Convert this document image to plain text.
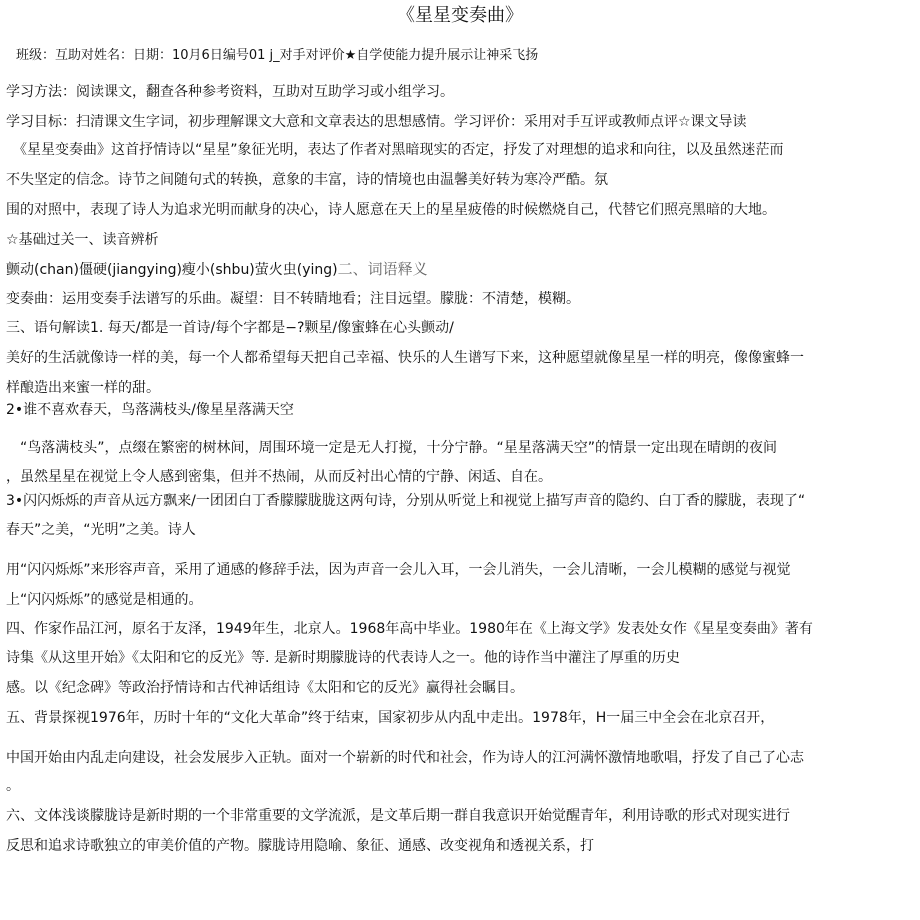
《星星变奏曲》
班级：互助对姓名：日期：10月6日编号01 j_对手对评价★自学使能力提升展示让神采飞扬
学习方法：阅读课文，翻查各种参考资料，互助对互助学习或小组学习。
学习目标：扫清课文生字词，初步理解课文大意和文章表达的思想感情。学习评价：采用对手互评或教师点评☆课文导读
　《星星变奏曲》这首抒情诗以“星星”象征光明，表达了作者对黑暗现实的否定，抒发了对理想的追求和向往，以及虽然迷茫而
不失坚定的信念。诗节之间随句式的转换，意象的丰富，诗的情境也由温馨美好转为寒冷严酷。氛
围的对照中，表现了诗人为追求光明而献身的决心，诗人愿意在天上的星星疲倦的时候燃烧自己，代替它们照亮黑暗的大地。
☆基础过关一、读音辨析
颤动(chan)僵硬(jiangying)瘦小(shbu)萤火虫(ying)二、词语释义
变奏曲：运用变奏手法谱写的乐曲。凝望：目不转睛地看；注目远望。朦胧：不清楚，模糊。
三、语句解读1. 每天/都是一首诗/每个字都是−?颗星/像蜜蜂在心头颤动/
美好的生活就像诗一样的美，每一个人都希望每天把自己幸福、快乐的人生谱写下来，这种愿望就像星星一样的明亮，像像蜜蜂一
样酿造出来蜜一样的甜。
2•谁不喜欢春天，鸟落满枝头/像星星落满天空
　“鸟落满枝头”，点缀在繁密的树林间，周围环境一定是无人打搅，十分宁静。“星星落满天空”的情景一定出现在晴朗的夜间
，虽然星星在视觉上令人感到密集，但并不热闹，从而反衬出心情的宁静、闲适、自在。
3•闪闪烁烁的声音从远方飘来/一团团白丁香朦朦胧胧这两句诗，分别从听觉上和视觉上描写声音的隐约、白丁香的朦胧，表现了“
春天”之美，“光明”之美。诗人
用“闪闪烁烁”来形容声音，采用了通感的修辞手法，因为声音一会儿入耳，一会儿消失，一会儿清晰，一会儿模糊的感觉与视觉
上“闪闪烁烁”的感觉是相通的。
四、作家作品江河，原名于友泽，1949年生，北京人。1968年高中毕业。1980年在《上海文学》发表处女作《星星变奏曲》著有
诗集《从这里开始》《太阳和它的反光》等. 是新时期朦胧诗的代表诗人之一。他的诗作当中灌注了厚重的历史
感。以《纪念碑》等政治抒情诗和古代神话组诗《太阳和它的反光》赢得社会瞩目。
五、背景探视1976年，历时十年的“文化大革命”终于结束，国家初步从内乱中走出。1978年，H一届三中全会在北京召开，
中国开始由内乱走向建设，社会发展步入正轨。面对一个崭新的时代和社会，作为诗人的江河满怀激情地歌唱，抒发了自己了心志
。
六、文体浅谈朦胧诗是新时期的一个非常重要的文学流派，是文革后期一群自我意识开始觉醒青年，利用诗歌的形式对现实进行
反思和追求诗歌独立的审美价值的产物。朦胧诗用隐喻、象征、通感、改变视角和透视关系，打
